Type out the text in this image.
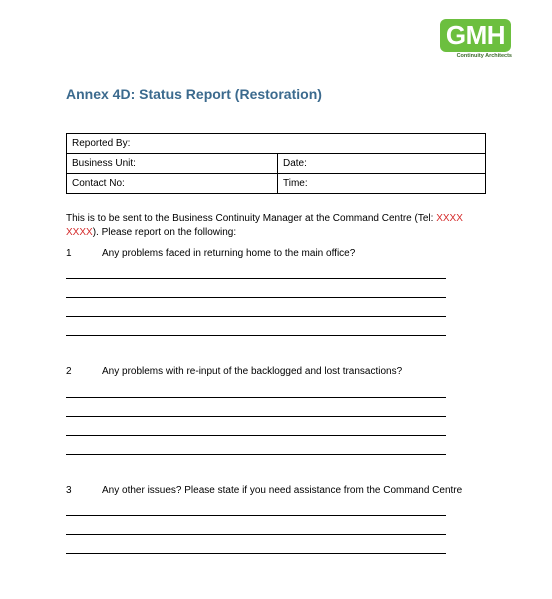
GMH
Continuity Architects
Annex 4D: Status Report (Restoration)
Reported By:	
Business Unit:	Date:
Contact No:	Time:
This is to be sent to the Business Continuity Manager at the Command Centre (Tel: XXXX XXXX). Please report on the following:
1	Any problems faced in returning home to the main office?
2	Any problems with re-input of the backlogged and lost transactions?
3	Any other issues? Please state if you need assistance from the Command Centre
